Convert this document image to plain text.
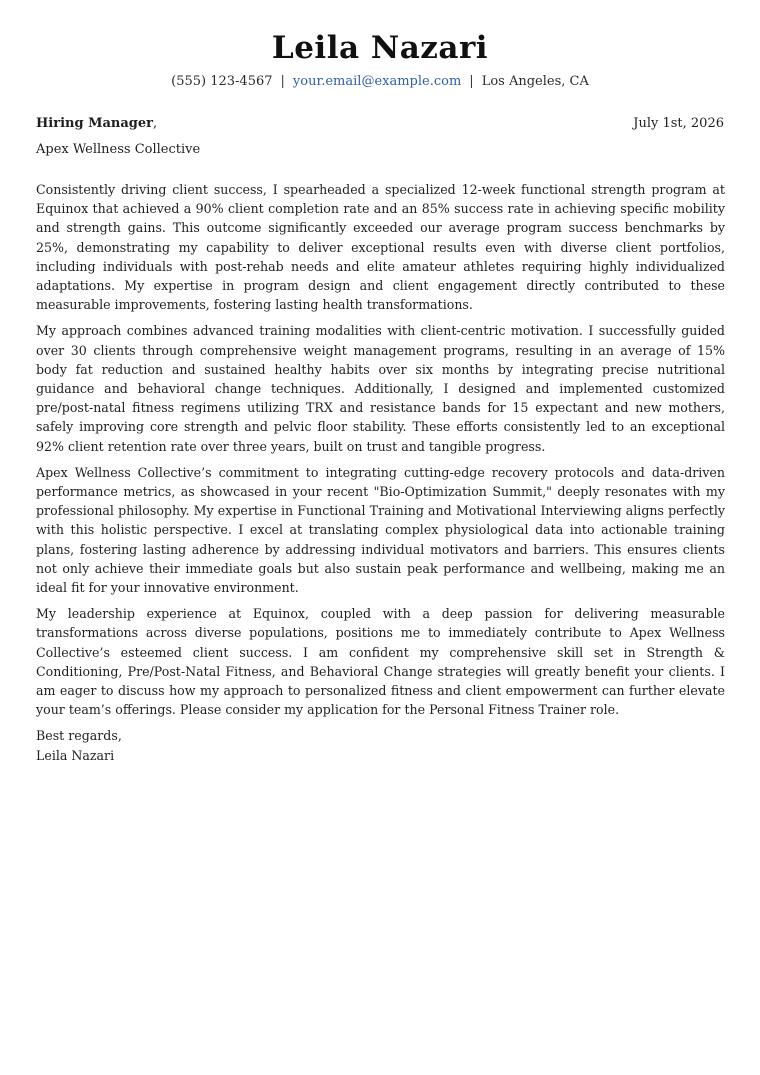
Leila Nazari
(555) 123-4567 | your.email@example.com | Los Angeles, CA
Hiring Manager,	July 1st, 2026
Apex Wellness Collective

Consistently driving client success, I spearheaded a specialized 12-week functional strength program at Equinox that achieved a 90% client completion rate and an 85% success rate in achieving specific mobility and strength gains. This outcome significantly exceeded our average program success benchmarks by 25%, demonstrating my capability to deliver exceptional results even with diverse client portfolios, including individuals with post-rehab needs and elite amateur athletes requiring highly individualized adaptations. My expertise in program design and client engagement directly contributed to these measurable improvements, fostering lasting health transformations.

My approach combines advanced training modalities with client-centric motivation. I successfully guided over 30 clients through comprehensive weight management programs, resulting in an average of 15% body fat reduction and sustained healthy habits over six months by integrating precise nutritional guidance and behavioral change techniques. Additionally, I designed and implemented customized pre/post-natal fitness regimens utilizing TRX and resistance bands for 15 expectant and new mothers, safely improving core strength and pelvic floor stability. These efforts consistently led to an exceptional 92% client retention rate over three years, built on trust and tangible progress.

Apex Wellness Collective’s commitment to integrating cutting-edge recovery protocols and data-driven performance metrics, as showcased in your recent "Bio-Optimization Summit," deeply resonates with my professional philosophy. My expertise in Functional Training and Motivational Interviewing aligns perfectly with this holistic perspective. I excel at translating complex physiological data into actionable training plans, fostering lasting adherence by addressing individual motivators and barriers. This ensures clients not only achieve their immediate goals but also sustain peak performance and wellbeing, making me an ideal fit for your innovative environment.

My leadership experience at Equinox, coupled with a deep passion for delivering measurable transformations across diverse populations, positions me to immediately contribute to Apex Wellness Collective’s esteemed client success. I am confident my comprehensive skill set in Strength & Conditioning, Pre/Post-Natal Fitness, and Behavioral Change strategies will greatly benefit your clients. I am eager to discuss how my approach to personalized fitness and client empowerment can further elevate your team’s offerings. Please consider my application for the Personal Fitness Trainer role.

Best regards,
Leila Nazari
